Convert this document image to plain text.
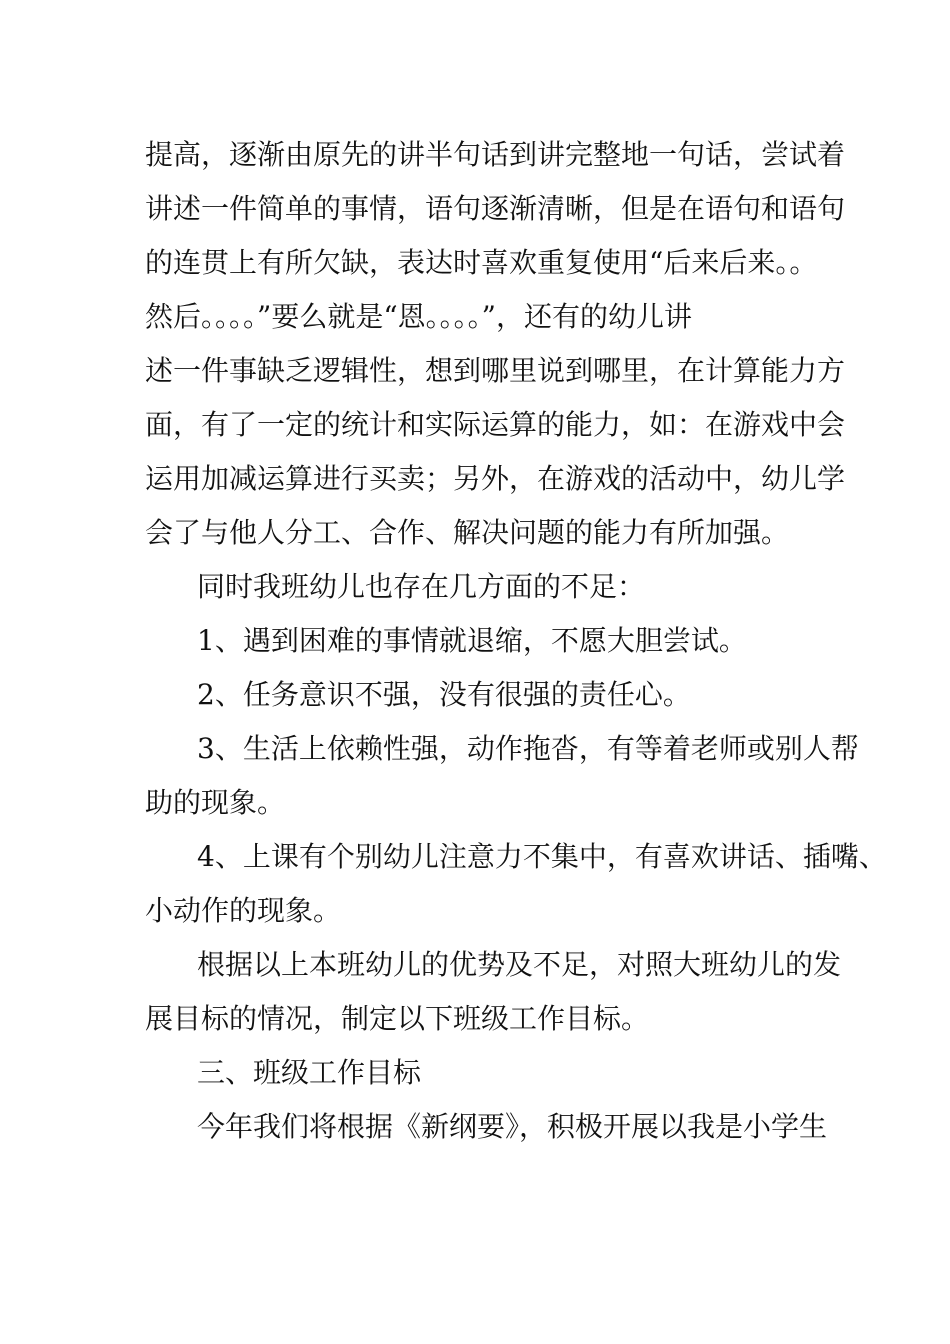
提高，逐渐由原先的讲半句话到讲完整地一句话，尝试着
讲述一件简单的事情，语句逐渐清晰，但是在语句和语句
的连贯上有所欠缺，表达时喜欢重复使用“后来后来。。
然后。。。。”要么就是“恩。。。。”，还有的幼儿讲
述一件事缺乏逻辑性，想到哪里说到哪里，在计算能力方
面，有了一定的统计和实际运算的能力，如：在游戏中会
运用加减运算进行买卖；另外，在游戏的活动中，幼儿学
会了与他人分工、合作、解决问题的能力有所加强。
同时我班幼儿也存在几方面的不足：
1、遇到困难的事情就退缩，不愿大胆尝试。
2、任务意识不强，没有很强的责任心。
3、生活上依赖性强，动作拖沓，有等着老师或别人帮
助的现象。
4、上课有个别幼儿注意力不集中，有喜欢讲话、插嘴、
小动作的现象。
根据以上本班幼儿的优势及不足，对照大班幼儿的发
展目标的情况，制定以下班级工作目标。
三、班级工作目标
今年我们将根据《新纲要》，积极开展以我是小学生
